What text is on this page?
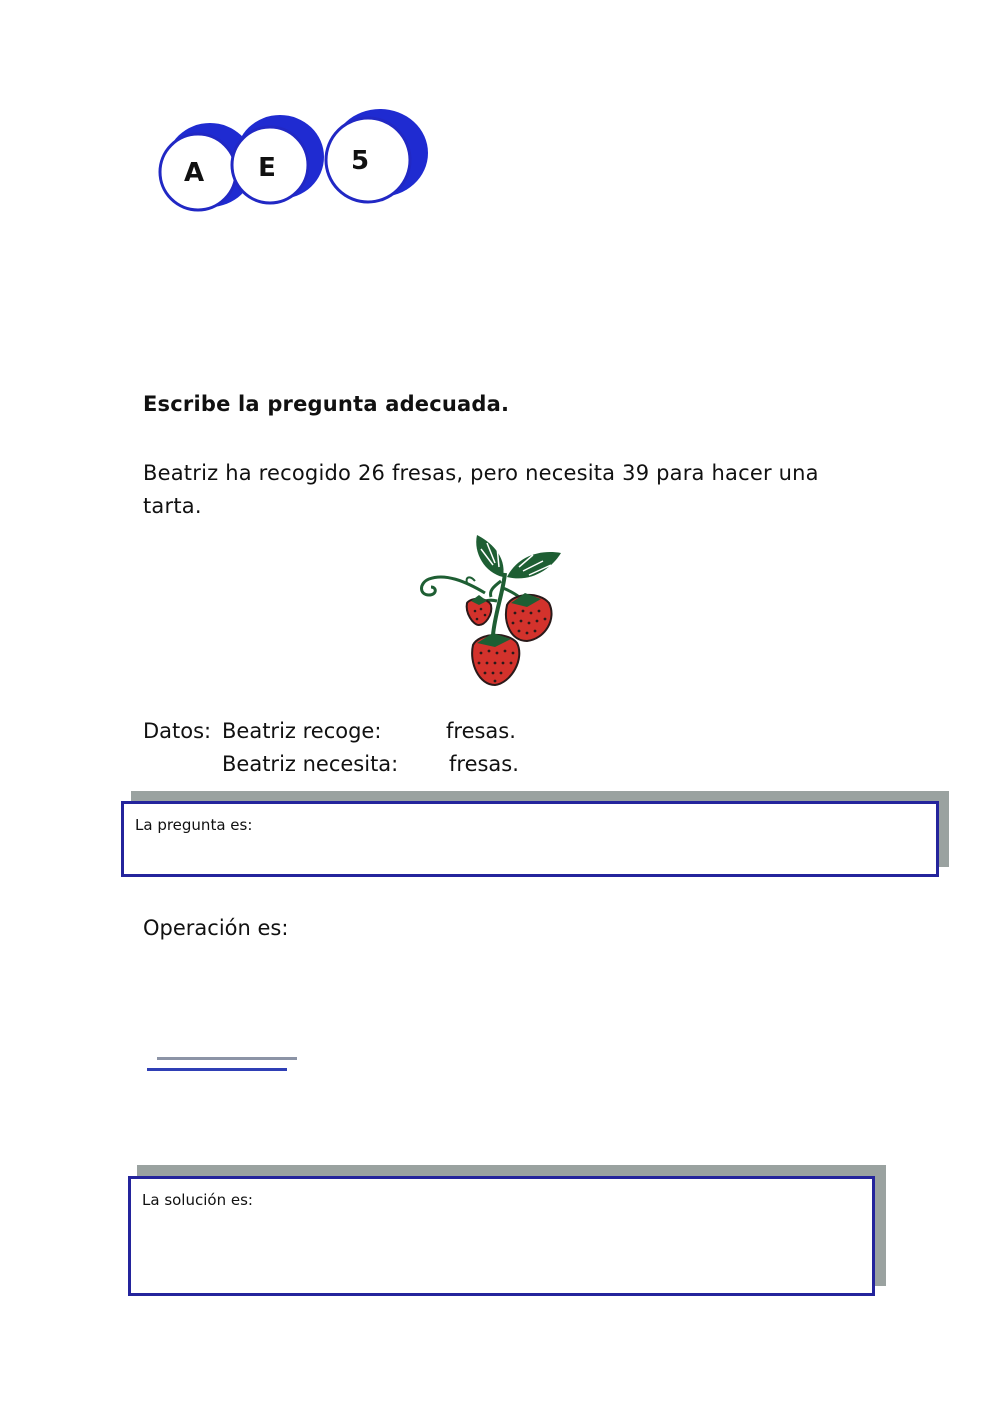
A	E	5
Escribe la pregunta adecuada.
Beatriz ha recogido 26 fresas, pero necesita 39 para hacer una tarta.
Datos: Beatriz recoge:	fresas.
Beatriz necesita: fresas.
La pregunta es:
Operación es:
La solución es:
